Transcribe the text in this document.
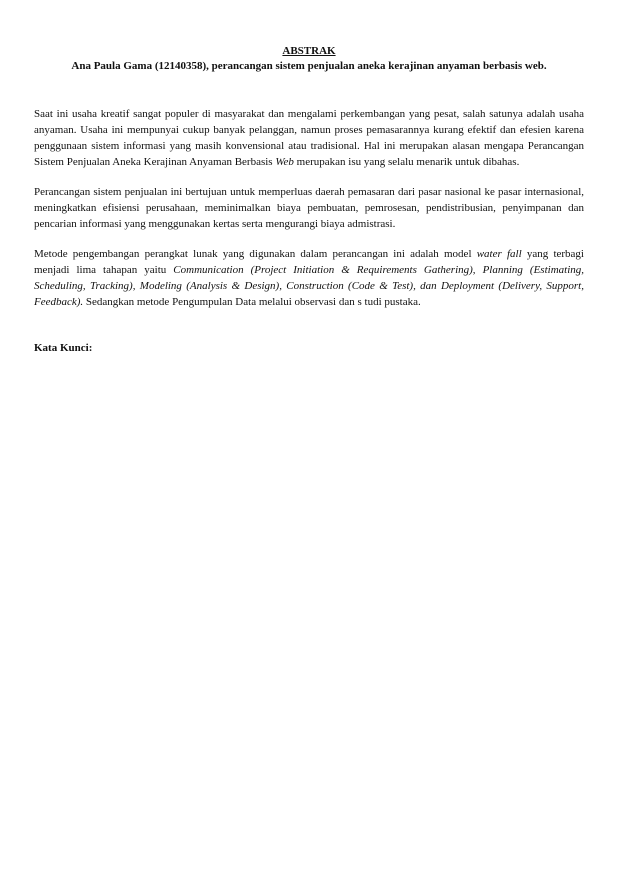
ABSTRAK

Ana Paula Gama (12140358), perancangan sistem penjualan aneka kerajinan anyaman berbasis web.

Saat ini usaha kreatif sangat populer di masyarakat dan mengalami perkembangan yang pesat, salah satunya adalah usaha anyaman. Usaha ini mempunyai cukup banyak pelanggan, namun proses pemasarannya kurang efektif dan efesien karena penggunaan sistem informasi yang masih konvensional atau tradisional. Hal ini merupakan alasan mengapa Perancangan Sistem Penjualan Aneka Kerajinan Anyaman Berbasis Web merupakan isu yang selalu menarik untuk dibahas.

Perancangan sistem penjualan ini bertujuan untuk memperluas daerah pemasaran dari pasar nasional ke pasar internasional, meningkatkan efisiensi perusahaan, meminimalkan biaya pembuatan, pemrosesan, pendistribusian, penyimpanan dan pencarian informasi yang menggunakan kertas serta mengurangi biaya admistrasi.

Metode pengembangan perangkat lunak yang digunakan dalam perancangan ini adalah model water fall yang terbagi menjadi lima tahapan yaitu Communication (Project Initiation & Requirements Gathering), Planning (Estimating, Scheduling, Tracking), Modeling (Analysis & Design), Construction (Code & Test), dan Deployment (Delivery, Support, Feedback). Sedangkan metode Pengumpulan Data melalui observasi dan s tudi pustaka.

Kata Kunci:
